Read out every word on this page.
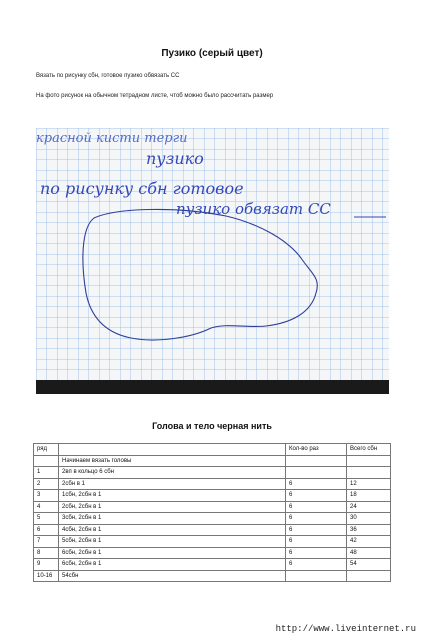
Пузико (серый цвет)
Вязать по рисунку сбн, готовое пузико обвязать СС
На фото рисунок на обычном тетрадном листе, чтоб можно было рассчитать размер
красной кисти терги
пузико
по рисунку сбн готовое
пузико обвязат СС
Голова и тело черная нить
ряд		Кол-во раз	Всего сбн
	Начинаем вязать головы		
1	2вп в кольцо 6 сбн		
2	2сбн в 1	6	12
3	1сбн, 2сбн в 1	6	18
4	2сбн, 2сбн в 1	6	24
5	3сбн, 2сбн в 1	6	30
6	4сбн, 2сбн в 1	6	36
7	5сбн, 2сбн в 1	6	42
8	6сбн, 2сбн в 1	6	48
9	6сбн, 2сбн в 1	6	54
10-16	54сбн		
http://www.liveinternet.ru
